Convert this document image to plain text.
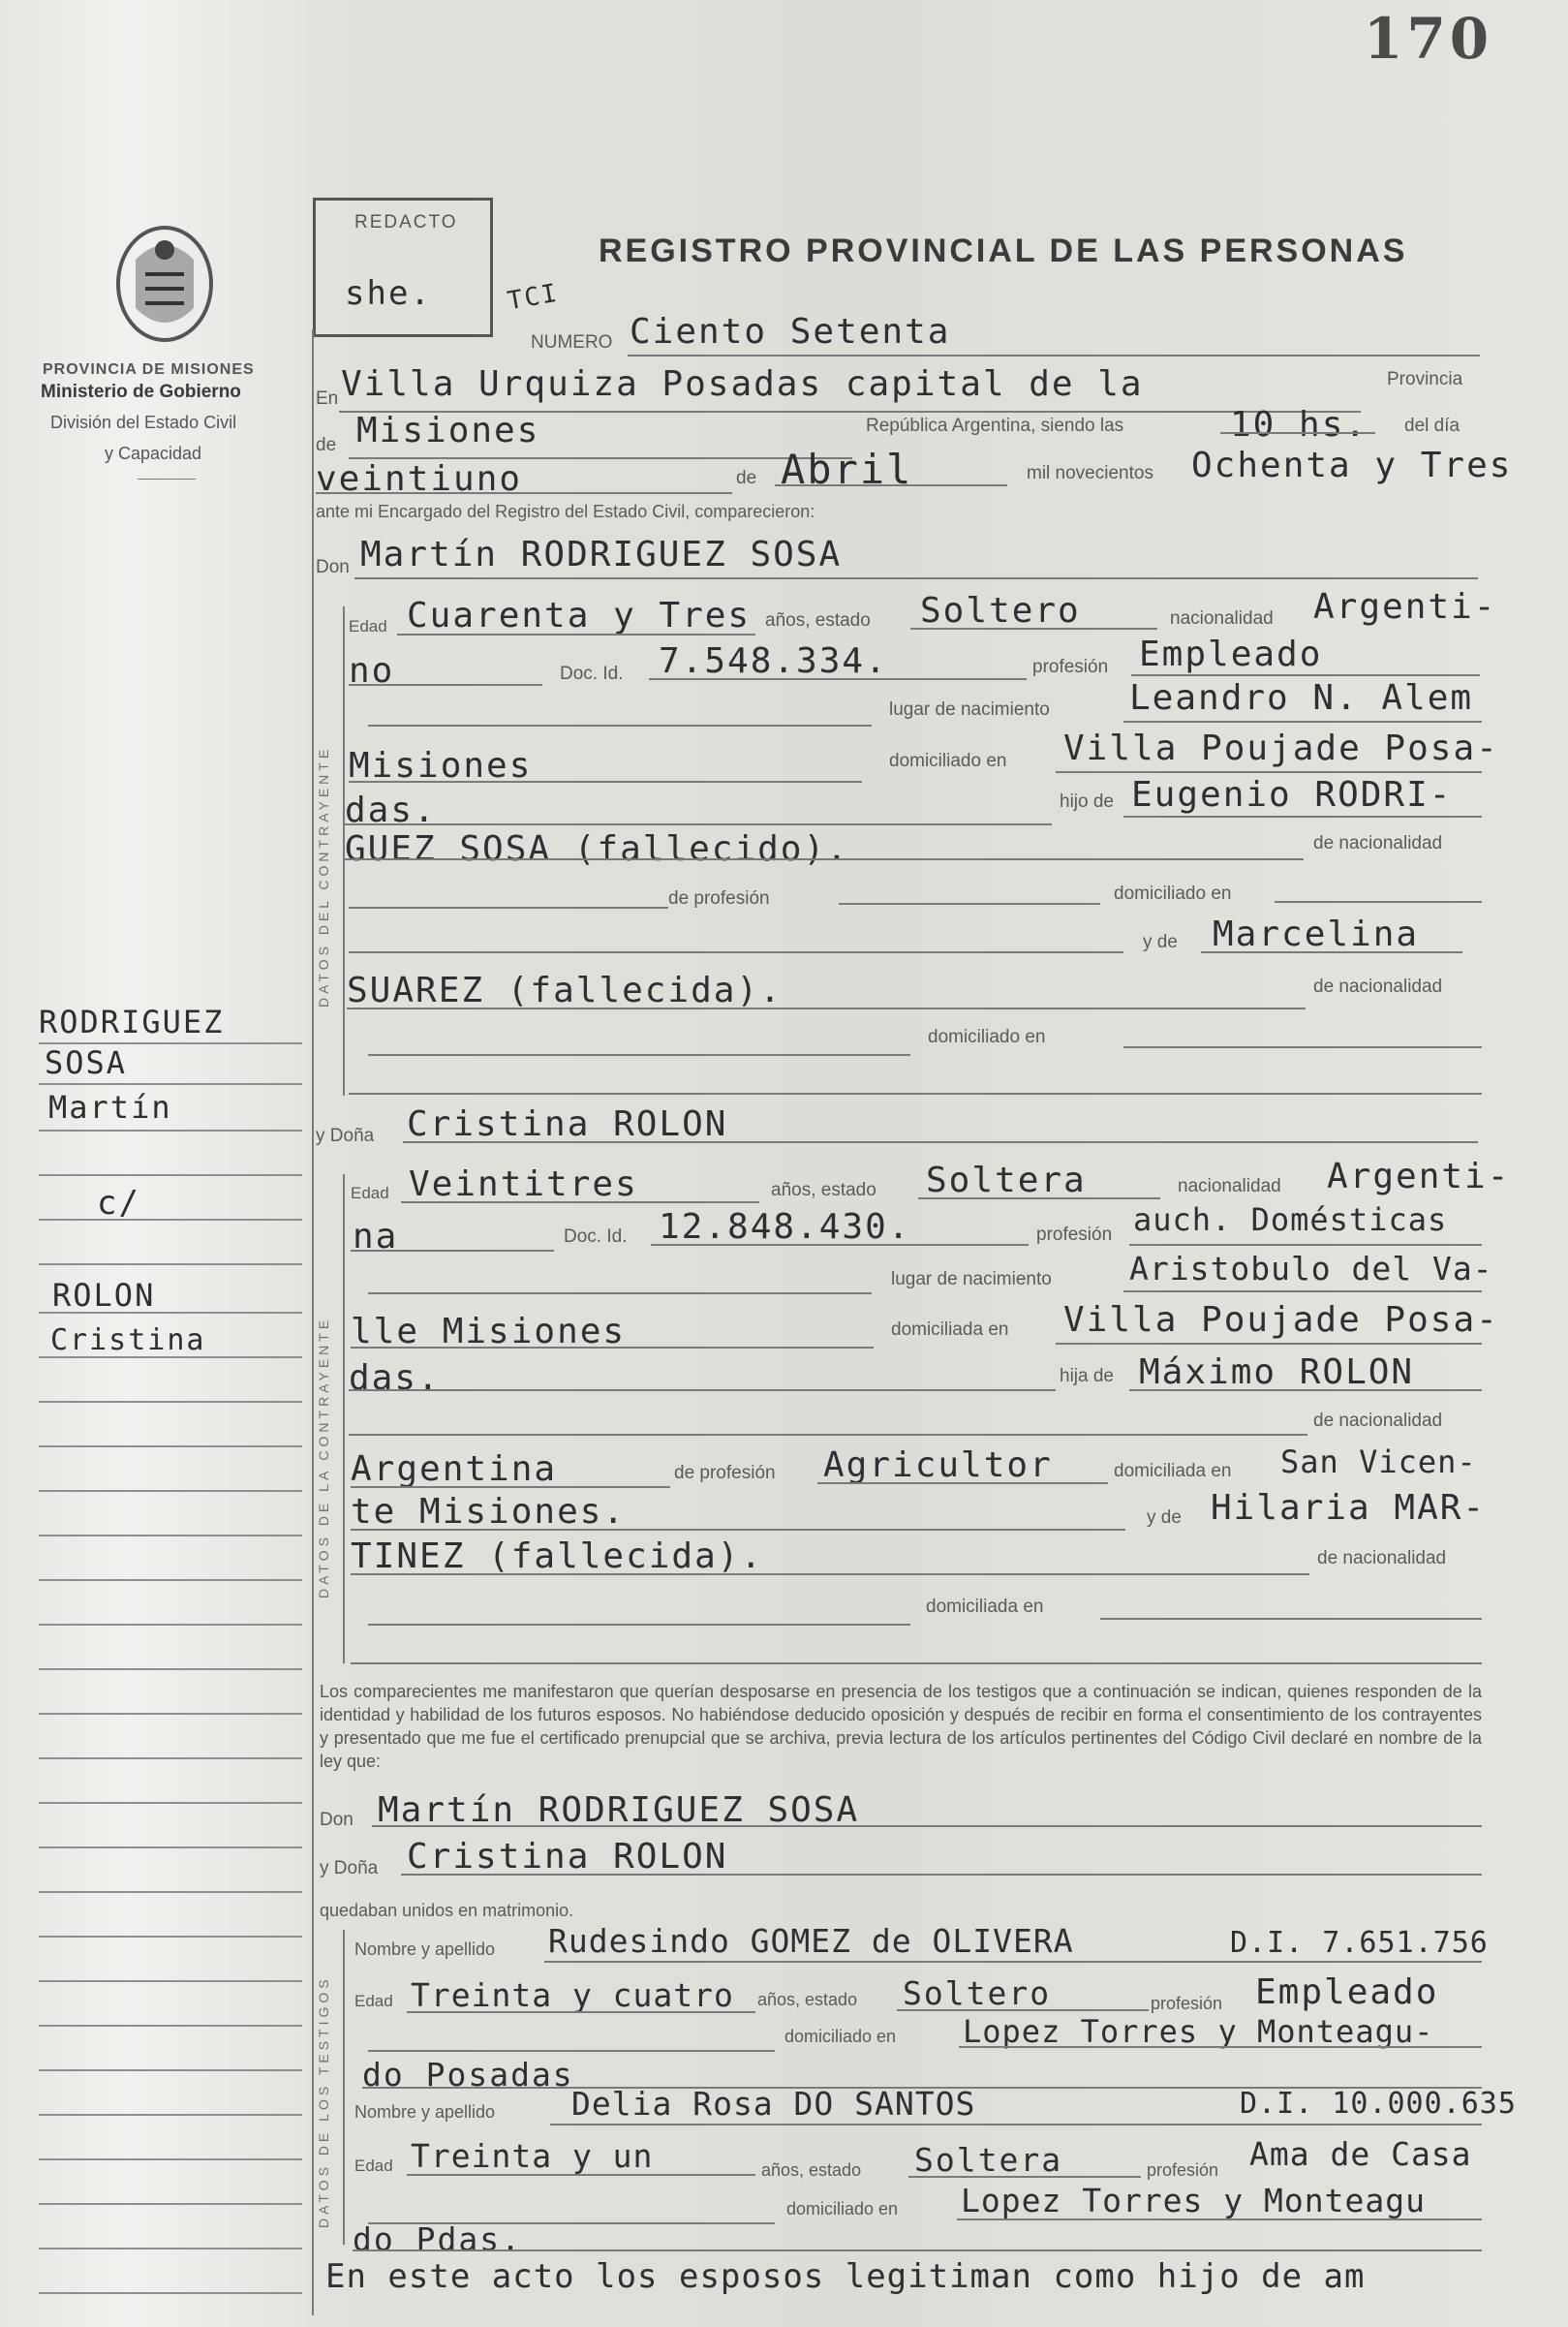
170
PROVINCIA DE MISIONES
Ministerio de Gobierno
División del Estado Civil
y Capacidad
REDACTO
she.	TCI
REGISTRO PROVINCIAL DE LAS PERSONAS
NUMERO Ciento Setenta
En Villa Urquiza Posadas capital de la	Provincia
de Misiones	República Argentina, siendo las	10 hs. del día
veintiuno	de Abril	mil novecientos Ochenta y Tres
ante mi Encargado del Registro del Estado Civil, comparecieron:
Don Martín RODRIGUEZ SOSA
DATOS DEL CONTRAYENTE
Edad Cuarenta y Tres años, estado Soltero	nacionalidad Argenti-
no	Doc. Id. 7.548.334.	profesión Empleado
lugar de nacimiento Leandro N. Alem
Misiones	domiciliado en Villa Poujade Posa-
das.	hijo de Eugenio RODRI-
GUEZ SOSA (fallecido).	de nacionalidad
de profesión	domiciliado en
y de Marcelina
SUAREZ (fallecida).	de nacionalidad
domiciliado en
y Doña Cristina ROLON
DATOS DE LA CONTRAYENTE
Edad Veintitres	años, estado Soltera	nacionalidad Argenti-
na	Doc. Id. 12.848.430.	profesión auch. Domésticas
lugar de nacimiento Aristobulo del Va-
lle Misiones	domiciliada en Villa Poujade Posa-
das.	hija de Máximo ROLON
de nacionalidad
Argentina	de profesión Agricultor	domiciliada en San Vicen-
te Misiones.	y de Hilaria MAR-
TINEZ (fallecida).	de nacionalidad
domiciliada en
Los comparecientes me manifestaron que querían desposarse en presencia de los testigos que a continuación se indican, quienes responden de la identidad y habilidad de los futuros esposos. No habiéndose deducido oposición y después de recibir en forma el consentimiento de los contrayentes y presentado que me fue el certificado prenupcial que se archiva, previa lectura de los artículos pertinentes del Código Civil declaré en nombre de la ley que:
Don Martín RODRIGUEZ SOSA
y Doña Cristina ROLON
quedaban unidos en matrimonio.
DATOS DE LOS TESTIGOS
Nombre y apellido Rudesindo GOMEZ de OLIVERA	D.I. 7.651.756
Edad Treinta y cuatro años, estado Soltero	profesión Empleado
domiciliado en Lopez Torres y Monteagu-
do Posadas
Nombre y apellido Delia Rosa DO SANTOS	D.I. 10.000.635
Edad Treinta y un	años, estado Soltera	profesión Ama de Casa
domiciliado en Lopez Torres y Monteagu
do Pdas.
En este acto los esposos legitiman como hijo de am
RODRIGUEZ
SOSA
Martín
c/
ROLON
Cristina
